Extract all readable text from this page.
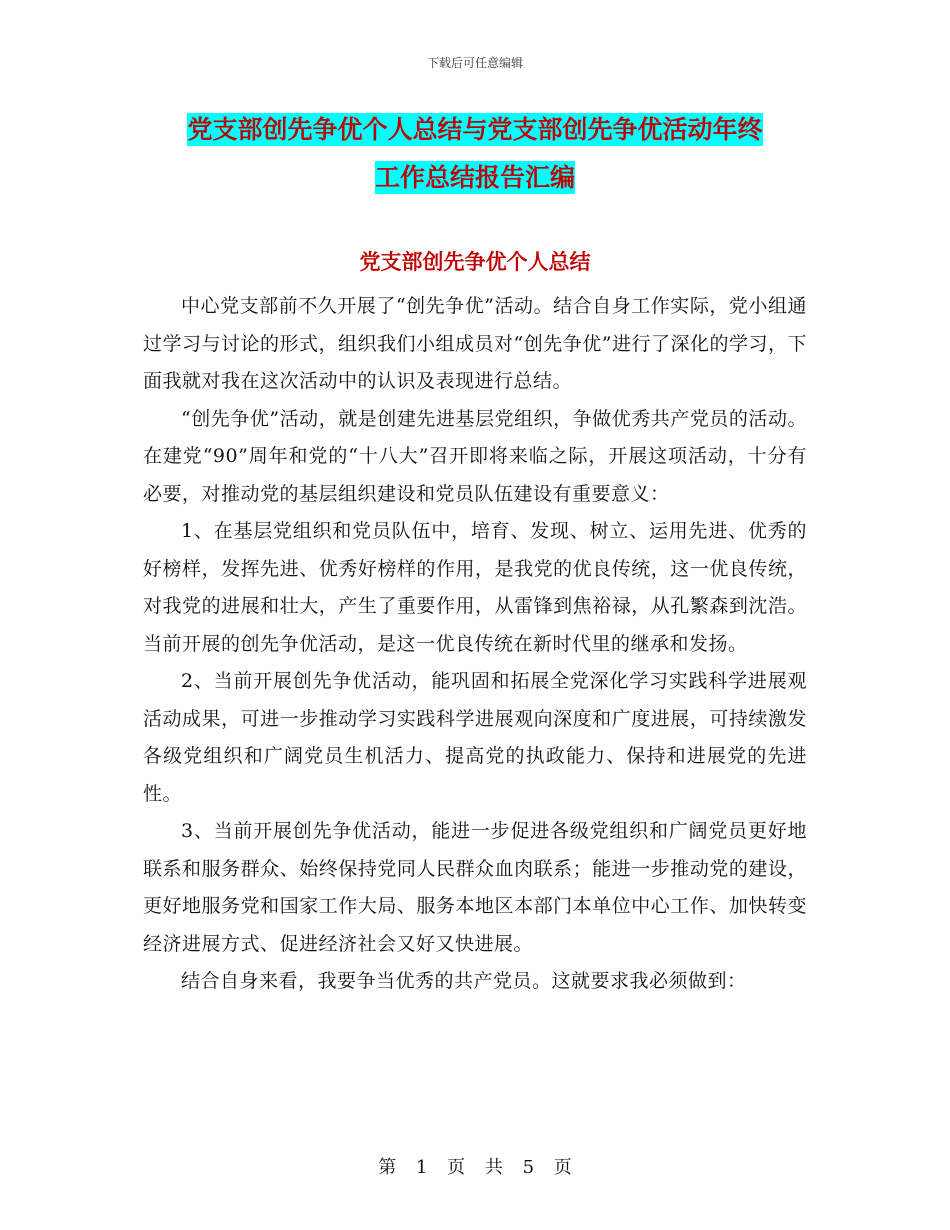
下载后可任意编辑
党支部创先争优个人总结与党支部创先争优活动年终
工作总结报告汇编
党支部创先争优个人总结

中心党支部前不久开展了“创先争优”活动。结合自身工作实际，党小组通过学习与讨论的形式，组织我们小组成员对“创先争优”进行了深化的学习，下面我就对我在这次活动中的认识及表现进行总结。

“创先争优”活动，就是创建先进基层党组织，争做优秀共产党员的活动。在建党“90”周年和党的“十八大”召开即将来临之际，开展这项活动，十分有必要，对推动党的基层组织建设和党员队伍建设有重要意义：

1、在基层党组织和党员队伍中，培育、发现、树立、运用先进、优秀的好榜样，发挥先进、优秀好榜样的作用，是我党的优良传统，这一优良传统，对我党的进展和壮大，产生了重要作用，从雷锋到焦裕禄，从孔繁森到沈浩。当前开展的创先争优活动，是这一优良传统在新时代里的继承和发扬。

2、当前开展创先争优活动，能巩固和拓展全党深化学习实践科学进展观活动成果，可进一步推动学习实践科学进展观向深度和广度进展，可持续激发各级党组织和广阔党员生机活力、提高党的执政能力、保持和进展党的先进性。

3、当前开展创先争优活动，能进一步促进各级党组织和广阔党员更好地联系和服务群众、始终保持党同人民群众血肉联系；能进一步推动党的建设，更好地服务党和国家工作大局、服务本地区本部门本单位中心工作、加快转变经济进展方式、促进经济社会又好又快进展。

结合自身来看，我要争当优秀的共产党员。这就要求我必须做到：

第 1 页 共 5 页
